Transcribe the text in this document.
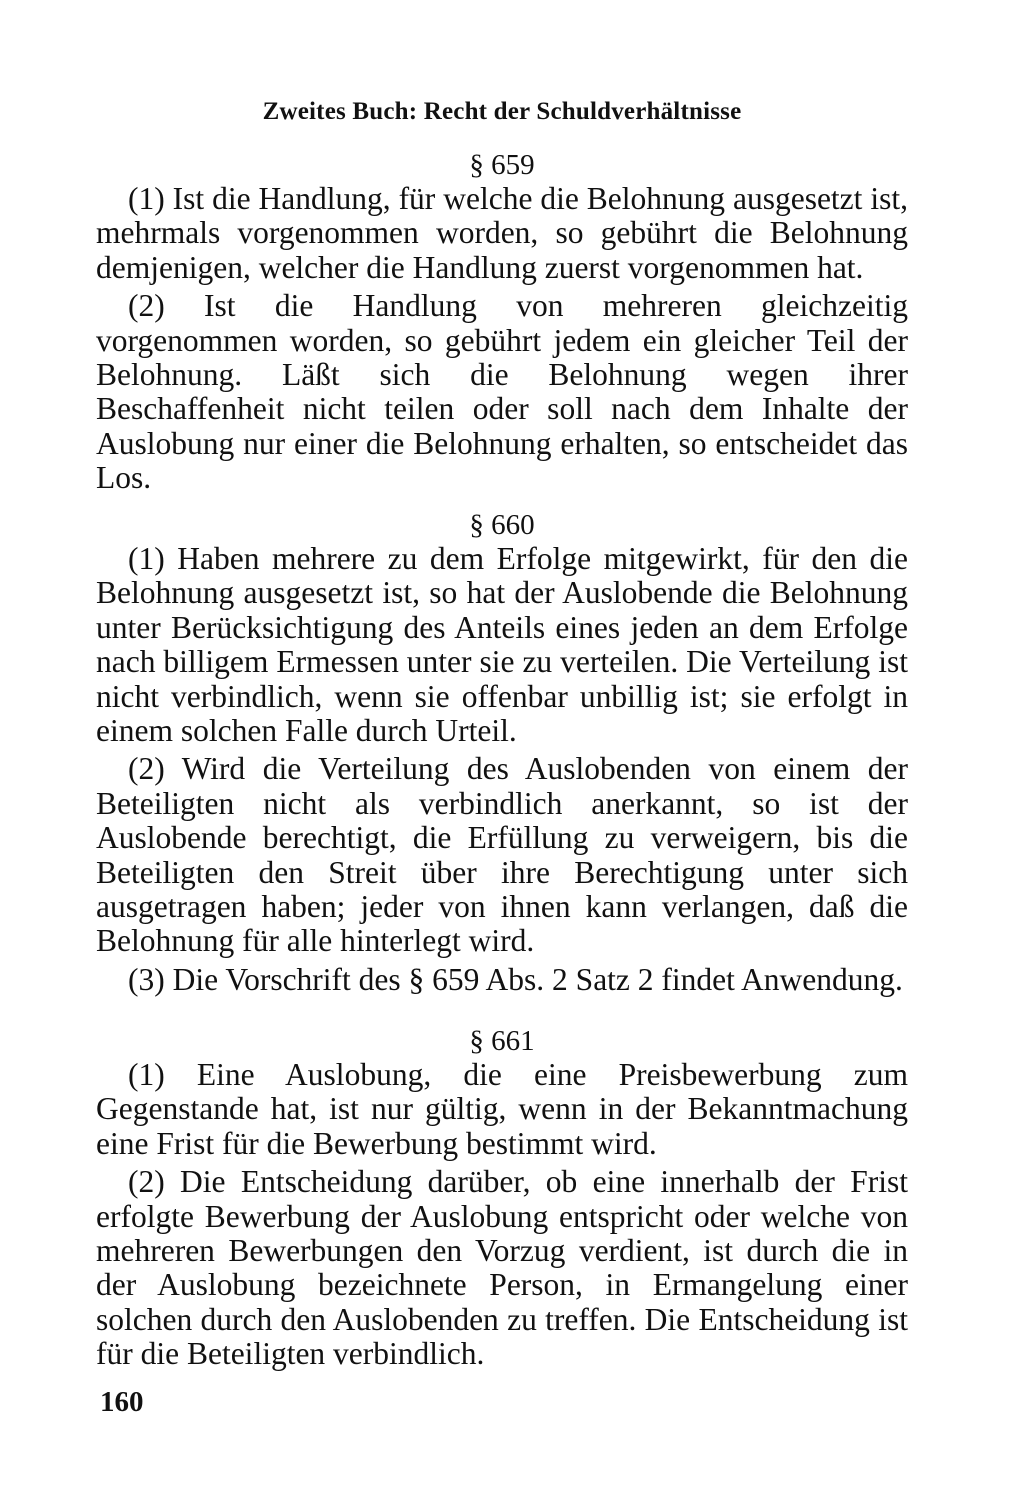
Zweites Buch: Recht der Schuldverhältnisse

§ 659

(1) Ist die Handlung, für welche die Belohnung ausgesetzt ist, mehrmals vorgenommen worden, so gebührt die Belohnung demjenigen, welcher die Handlung zuerst vorgenommen hat.

(2) Ist die Handlung von mehreren gleichzeitig vorgenommen worden, so gebührt jedem ein gleicher Teil der Belohnung. Läßt sich die Belohnung wegen ihrer Beschaffenheit nicht teilen oder soll nach dem Inhalte der Auslobung nur einer die Belohnung erhalten, so entscheidet das Los.

§ 660

(1) Haben mehrere zu dem Erfolge mitgewirkt, für den die Belohnung ausgesetzt ist, so hat der Auslobende die Belohnung unter Berücksichtigung des Anteils eines jeden an dem Erfolge nach billigem Ermessen unter sie zu verteilen. Die Verteilung ist nicht verbindlich, wenn sie offenbar unbillig ist; sie erfolgt in einem solchen Falle durch Urteil.

(2) Wird die Verteilung des Auslobenden von einem der Beteiligten nicht als verbindlich anerkannt, so ist der Auslobende berechtigt, die Erfüllung zu verweigern, bis die Beteiligten den Streit über ihre Berechtigung unter sich ausgetragen haben; jeder von ihnen kann verlangen, daß die Belohnung für alle hinterlegt wird.

(3) Die Vorschrift des § 659 Abs. 2 Satz 2 findet Anwendung.

§ 661

(1) Eine Auslobung, die eine Preisbewerbung zum Gegenstande hat, ist nur gültig, wenn in der Bekanntmachung eine Frist für die Bewerbung bestimmt wird.

(2) Die Entscheidung darüber, ob eine innerhalb der Frist erfolgte Bewerbung der Auslobung entspricht oder welche von mehreren Bewerbungen den Vorzug verdient, ist durch die in der Auslobung bezeichnete Person, in Ermangelung einer solchen durch den Auslobenden zu treffen. Die Entscheidung ist für die Beteiligten verbindlich.

160
